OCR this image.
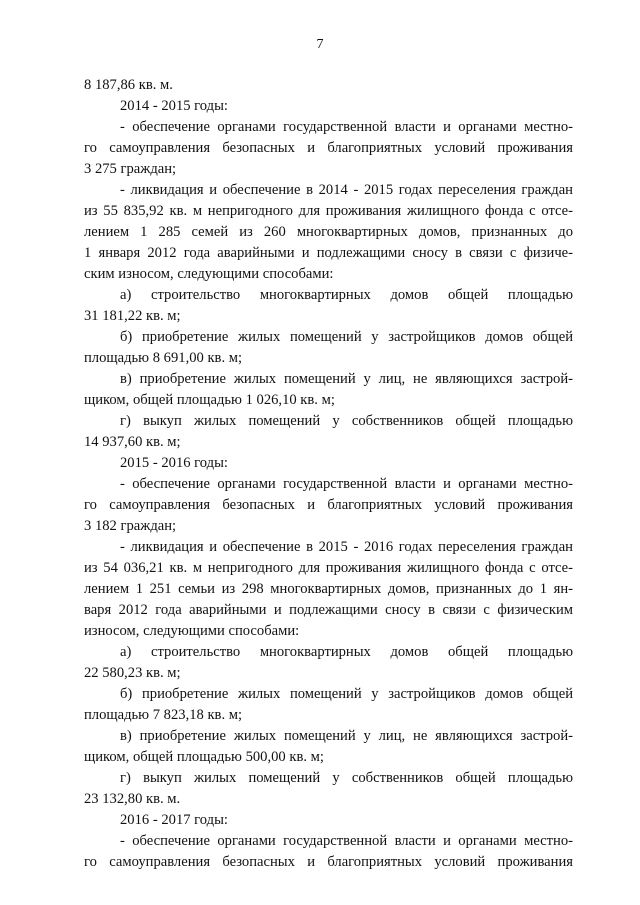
7
8 187,86 кв. м.
2014 - 2015 годы:
- обеспечение органами государственной власти и органами местно-
го самоуправления безопасных и благоприятных условий проживания
3 275 граждан;
- ликвидация и обеспечение в 2014 - 2015 годах переселения граждан
из 55 835,92 кв. м непригодного для проживания жилищного фонда с отсе-
лением 1 285 семей из 260 многоквартирных домов, признанных до
1 января 2012 года аварийными и подлежащими сносу в связи с физиче-
ским износом, следующими способами:
а) строительство многоквартирных домов общей площадью
31 181,22 кв. м;
б) приобретение жилых помещений у застройщиков домов общей
площадью 8 691,00 кв. м;
в) приобретение жилых помещений у лиц, не являющихся застрой-
щиком, общей площадью 1 026,10 кв. м;
г) выкуп жилых помещений у собственников общей площадью
14 937,60 кв. м;
2015 - 2016 годы:
- обеспечение органами государственной власти и органами местно-
го самоуправления безопасных и благоприятных условий проживания
3 182 граждан;
- ликвидация и обеспечение в 2015 - 2016 годах переселения граждан
из 54 036,21 кв. м непригодного для проживания жилищного фонда с отсе-
лением 1 251 семьи из 298 многоквартирных домов, признанных до 1 ян-
варя 2012 года аварийными и подлежащими сносу в связи с физическим
износом, следующими способами:
а) строительство многоквартирных домов общей площадью
22 580,23 кв. м;
б) приобретение жилых помещений у застройщиков домов общей
площадью 7 823,18 кв. м;
в) приобретение жилых помещений у лиц, не являющихся застрой-
щиком, общей площадью 500,00 кв. м;
г) выкуп жилых помещений у собственников общей площадью
23 132,80 кв. м.
2016 - 2017 годы:
- обеспечение органами государственной власти и органами местно-
го самоуправления безопасных и благоприятных условий проживания
